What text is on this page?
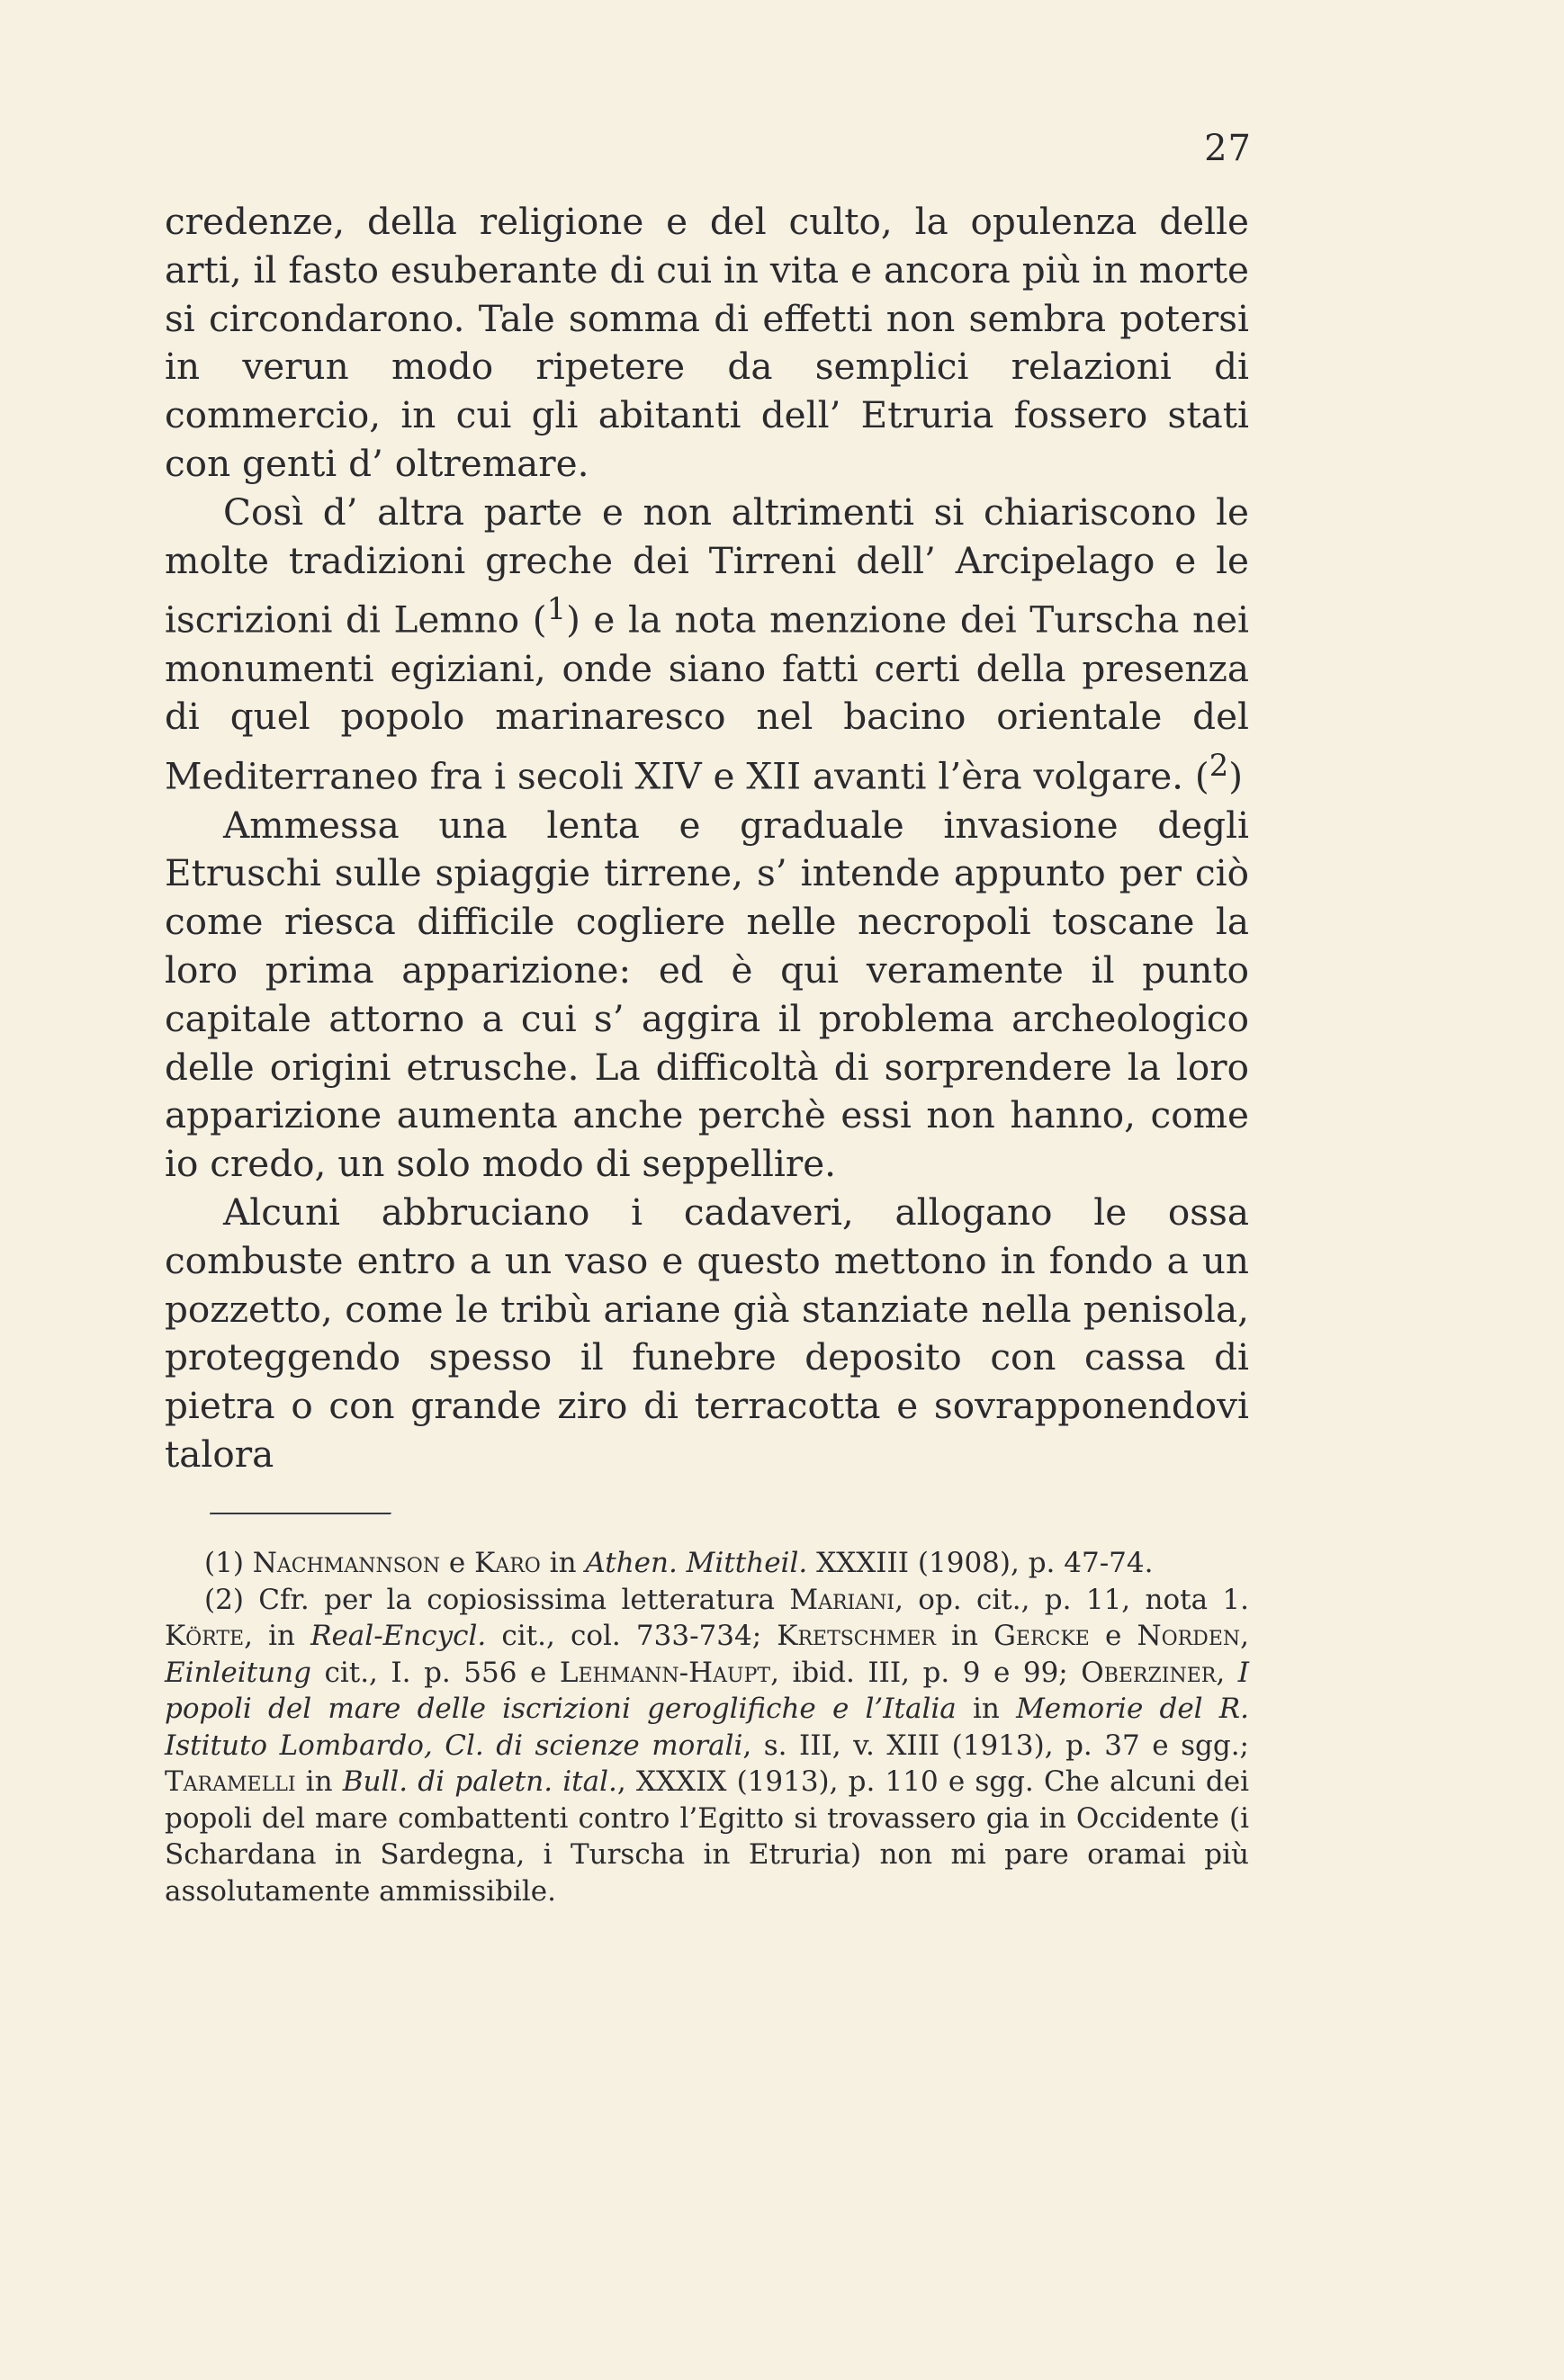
27

credenze, della religione e del culto, la opulenza delle arti, il fasto esuberante di cui in vita e ancora più in morte si circondarono. Tale somma di effetti non sembra potersi in verun modo ripetere da semplici relazioni di commercio, in cui gli abitanti dell’ Etruria fossero stati con genti d’ oltremare.

Così d’ altra parte e non altrimenti si chiariscono le molte tradizioni greche dei Tirreni dell’ Arcipelago e le iscrizioni di Lemno ($^1$) e la nota menzione dei Turscha nei monumenti egiziani, onde siano fatti certi della presenza di quel popolo marinaresco nel bacino orientale del Mediterraneo fra i secoli XIV e XII avanti l’èra volgare. ($^2$)

Ammessa una lenta e graduale invasione degli Etruschi sulle spiaggie tirrene, s’ intende appunto per ciò come riesca difficile cogliere nelle necropoli toscane la loro prima apparizione: ed è qui veramente il punto capitale attorno a cui s’ aggira il problema archeologico delle origini etrusche. La difficoltà di sorprendere la loro apparizione aumenta anche perchè essi non hanno, come io credo, un solo modo di seppellire.

Alcuni abbruciano i cadaveri, allogano le ossa combuste entro a un vaso e questo mettono in fondo a un pozzetto, come le tribù ariane già stanziate nella penisola, proteggendo spesso il funebre deposito con cassa di pietra o con grande ziro di terracotta e sovrapponendovi talora

(1) Nachmannson e Karo in Athen. Mittheil. XXXIII (1908), p. 47-74.

(2) Cfr. per la copiosissima letteratura Mariani, op. cit., p. 11, nota 1. Körte, in Real-Encycl. cit., col. 733-734; Kretschmer in Gercke e Norden, Einleitung cit., I. p. 556 e Lehmann-Haupt, ibid. III, p. 9 e 99; Oberziner, I popoli del mare delle iscrizioni geroglifiche e l’Italia in Memorie del R. Istituto Lombardo, Cl. di scienze morali, s. III, v. XIII (1913), p. 37 e sgg.; Taramelli in Bull. di paletn. ital., XXXIX (1913), p. 110 e sgg. Che alcuni dei popoli del mare combattenti contro l’Egitto si trovassero gia in Occidente (i Schardana in Sardegna, i Turscha in Etruria) non mi pare oramai più assolutamente ammissibile.
